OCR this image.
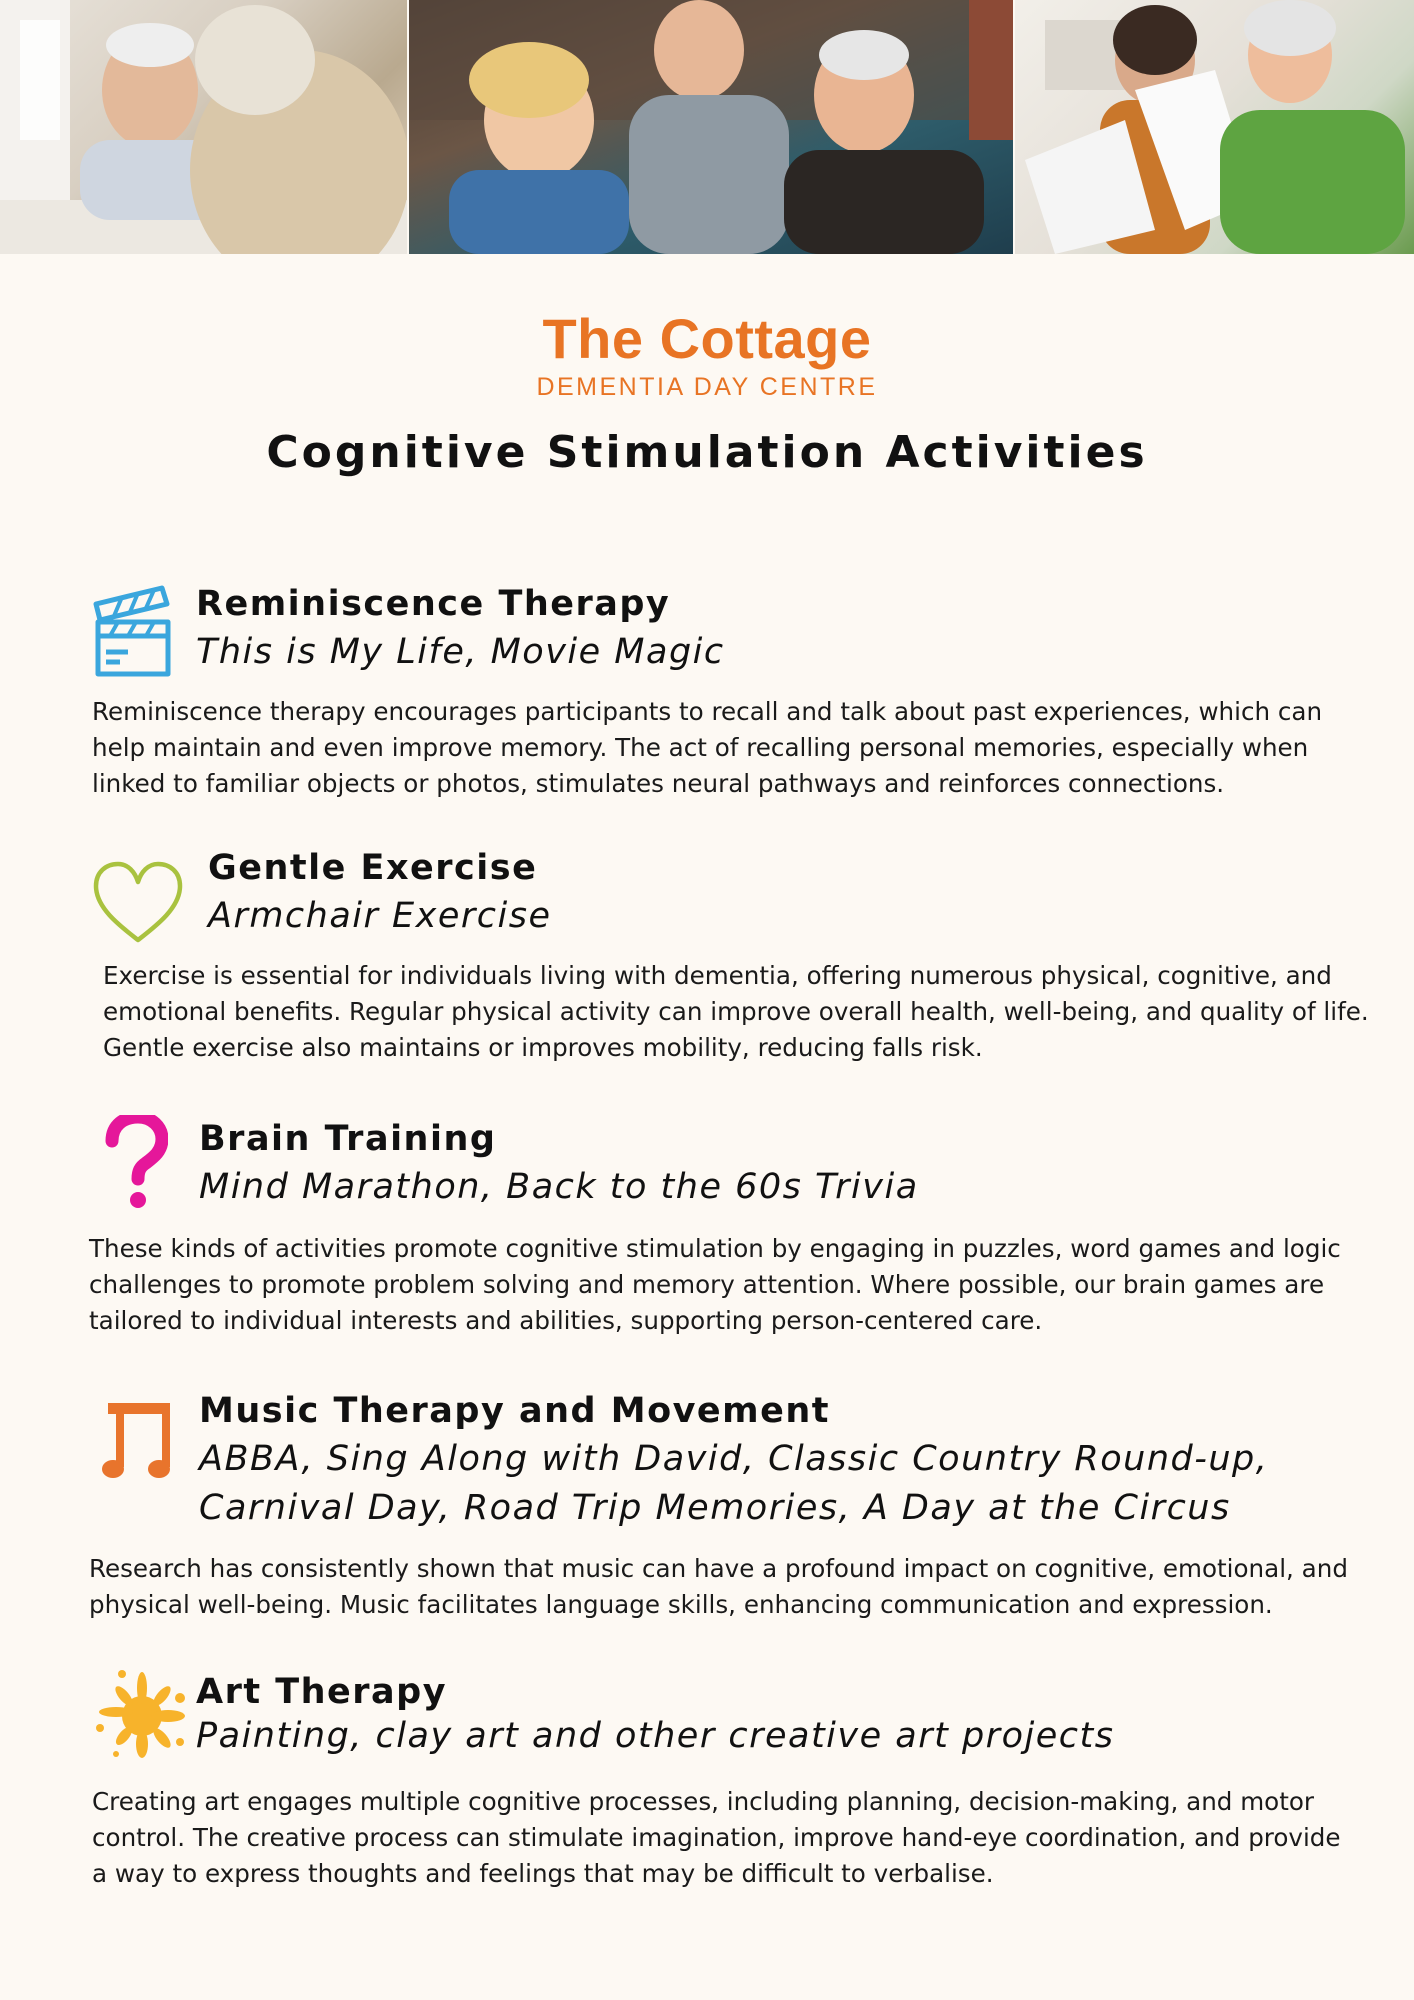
The Cottage
DEMENTIA DAY CENTRE
Cognitive Stimulation Activities
Reminiscence Therapy
This is My Life, Movie Magic
Reminiscence therapy encourages participants to recall and talk about past experiences, which can
help maintain and even improve memory. The act of recalling personal memories, especially when
linked to familiar objects or photos, stimulates neural pathways and reinforces connections.
Gentle Exercise
Armchair Exercise
Exercise is essential for individuals living with dementia, offering numerous physical, cognitive, and
emotional benefits. Regular physical activity can improve overall health, well-being, and quality of life.
Gentle exercise also maintains or improves mobility, reducing falls risk.
Brain Training
Mind Marathon, Back to the 60s Trivia
These kinds of activities promote cognitive stimulation by engaging in puzzles, word games and logic
challenges to promote problem solving and memory attention. Where possible, our brain games are
tailored to individual interests and abilities, supporting person-centered care.
Music Therapy and Movement
ABBA, Sing Along with David, Classic Country Round-up,
Carnival Day, Road Trip Memories, A Day at the Circus
Research has consistently shown that music can have a profound impact on cognitive, emotional, and
physical well-being. Music facilitates language skills, enhancing communication and expression.
Art Therapy
Painting, clay art and other creative art projects
Creating art engages multiple cognitive processes, including planning, decision-making, and motor
control. The creative process can stimulate imagination, improve hand-eye coordination, and provide
a way to express thoughts and feelings that may be difficult to verbalise.
